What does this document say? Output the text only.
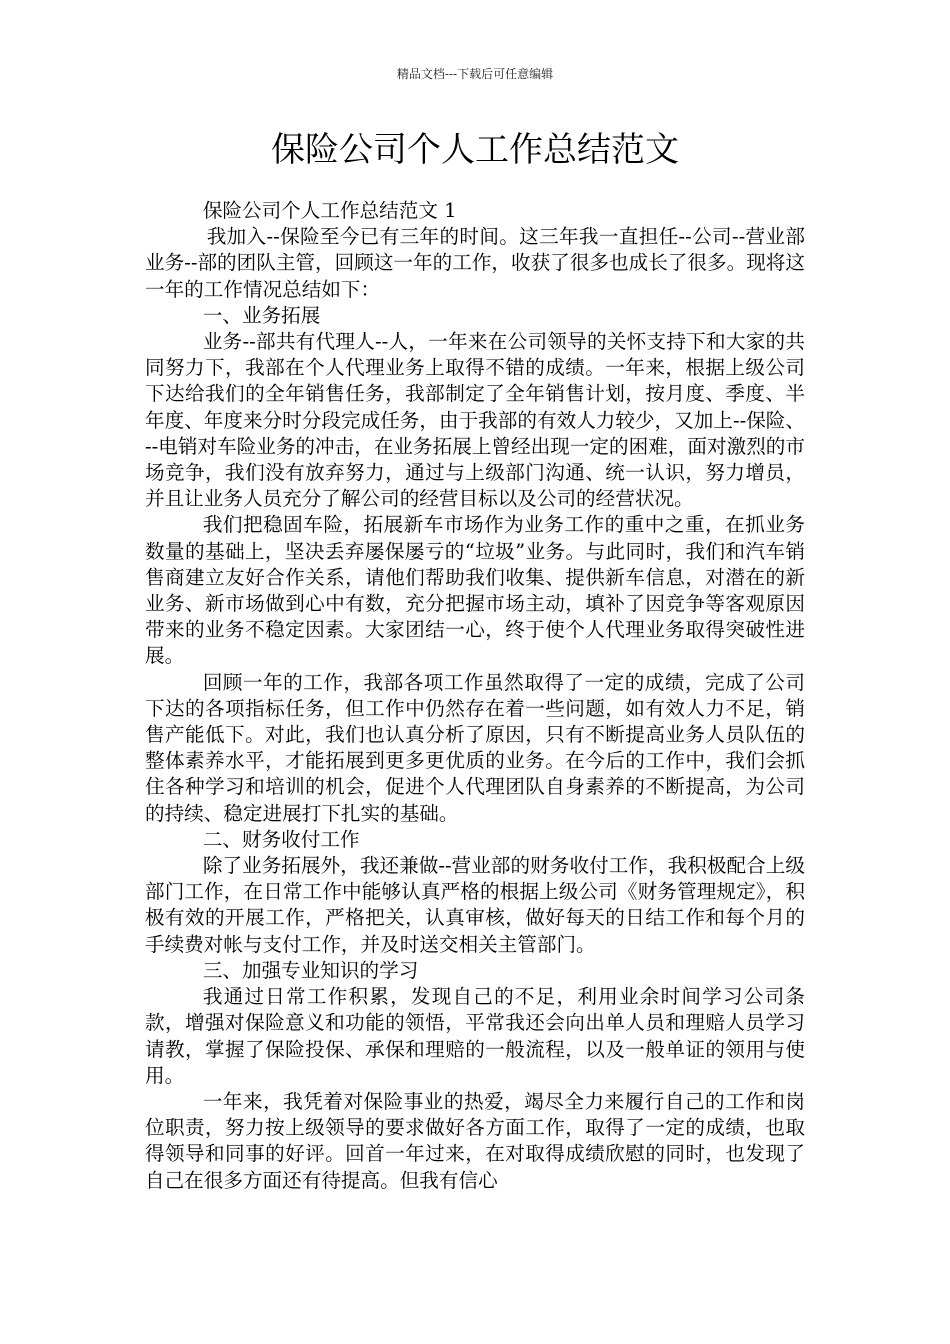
精品文档---下载后可任意编辑
保险公司个人工作总结范文

保险公司个人工作总结范文 1

我加入--保险至今已有三年的时间。这三年我一直担任--公司--营业部业务--部的团队主管，回顾这一年的工作，收获了很多也成长了很多。现将这一年的工作情况总结如下：

一、业务拓展

业务--部共有代理人--人，一年来在公司领导的关怀支持下和大家的共同努力下，我部在个人代理业务上取得不错的成绩。一年来，根据上级公司下达给我们的全年销售任务，我部制定了全年销售计划，按月度、季度、半年度、年度来分时分段完成任务，由于我部的有效人力较少，又加上--保险、--电销对车险业务的冲击，在业务拓展上曾经出现一定的困难，面对激烈的市场竞争，我们没有放弃努力，通过与上级部门沟通、统一认识，努力增员，并且让业务人员充分了解公司的经营目标以及公司的经营状况。

我们把稳固车险，拓展新车市场作为业务工作的重中之重，在抓业务数量的基础上，坚决丢弃屡保屡亏的“垃圾”业务。与此同时，我们和汽车销售商建立友好合作关系，请他们帮助我们收集、提供新车信息，对潜在的新业务、新市场做到心中有数，充分把握市场主动，填补了因竞争等客观原因带来的业务不稳定因素。大家团结一心，终于使个人代理业务取得突破性进展。

回顾一年的工作，我部各项工作虽然取得了一定的成绩，完成了公司下达的各项指标任务，但工作中仍然存在着一些问题，如有效人力不足，销售产能低下。对此，我们也认真分析了原因，只有不断提高业务人员队伍的整体素养水平，才能拓展到更多更优质的业务。在今后的工作中，我们会抓住各种学习和培训的机会，促进个人代理团队自身素养的不断提高，为公司的持续、稳定进展打下扎实的基础。

二、财务收付工作

除了业务拓展外，我还兼做--营业部的财务收付工作，我积极配合上级部门工作，在日常工作中能够认真严格的根据上级公司《财务管理规定》，积极有效的开展工作，严格把关，认真审核，做好每天的日结工作和每个月的手续费对帐与支付工作，并及时送交相关主管部门。

三、加强专业知识的学习

我通过日常工作积累，发现自己的不足，利用业余时间学习公司条款，增强对保险意义和功能的领悟，平常我还会向出单人员和理赔人员学习请教，掌握了保险投保、承保和理赔的一般流程，以及一般单证的领用与使用。

一年来，我凭着对保险事业的热爱，竭尽全力来履行自己的工作和岗位职责，努力按上级领导的要求做好各方面工作，取得了一定的成绩，也取得领导和同事的好评。回首一年过来，在对取得成绩欣慰的同时，也发现了自己在很多方面还有待提高。但我有信心
